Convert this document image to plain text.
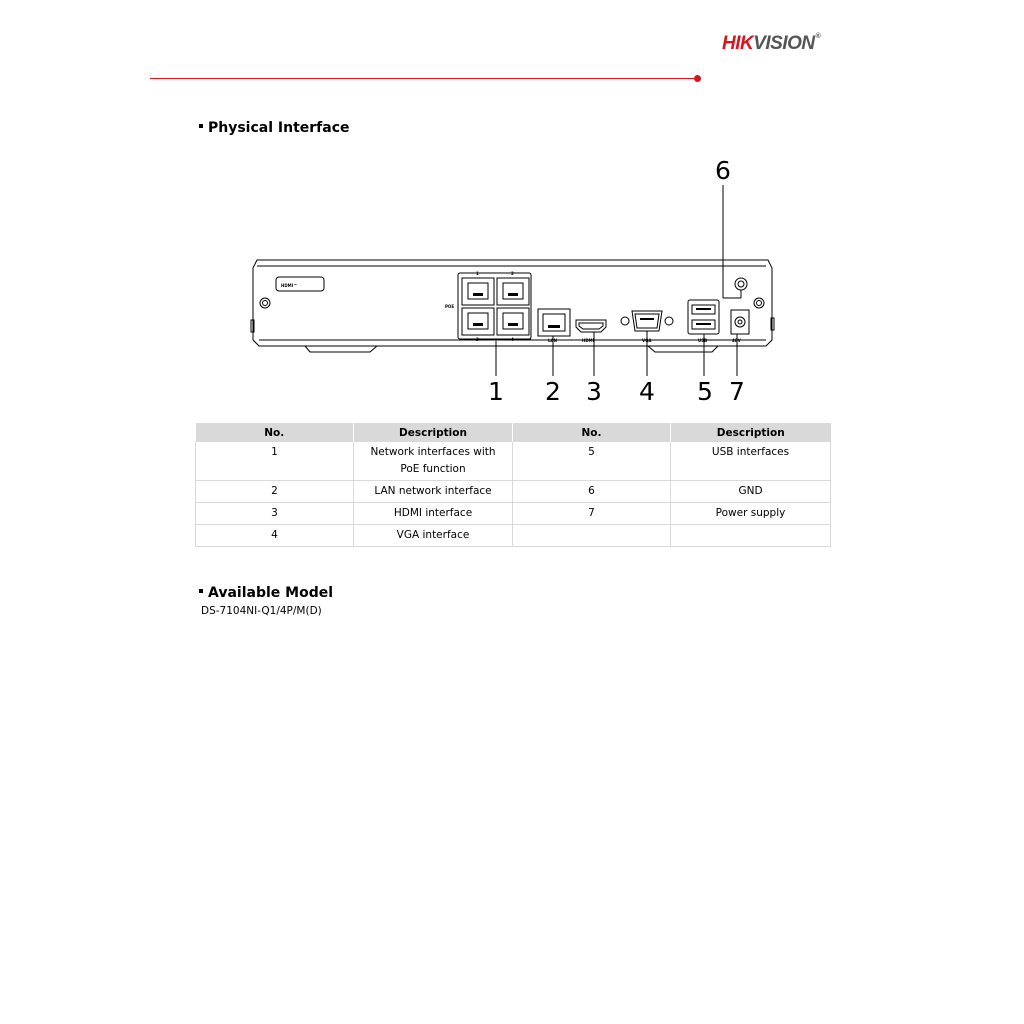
HIKVISION®
Physical Interface
HDMI™
POE
1	2
3	4	LAN	HDMI	VGA	USB	48V
6
1 2 3 4 5 7
No.	Description	No.	Description
1	Network interfaces with PoE function	5	USB interfaces
2	LAN network interface	6	GND
3	HDMI interface	7	Power supply
4	VGA interface		
Available Model
DS-7104NI-Q1/4P/M(D)
